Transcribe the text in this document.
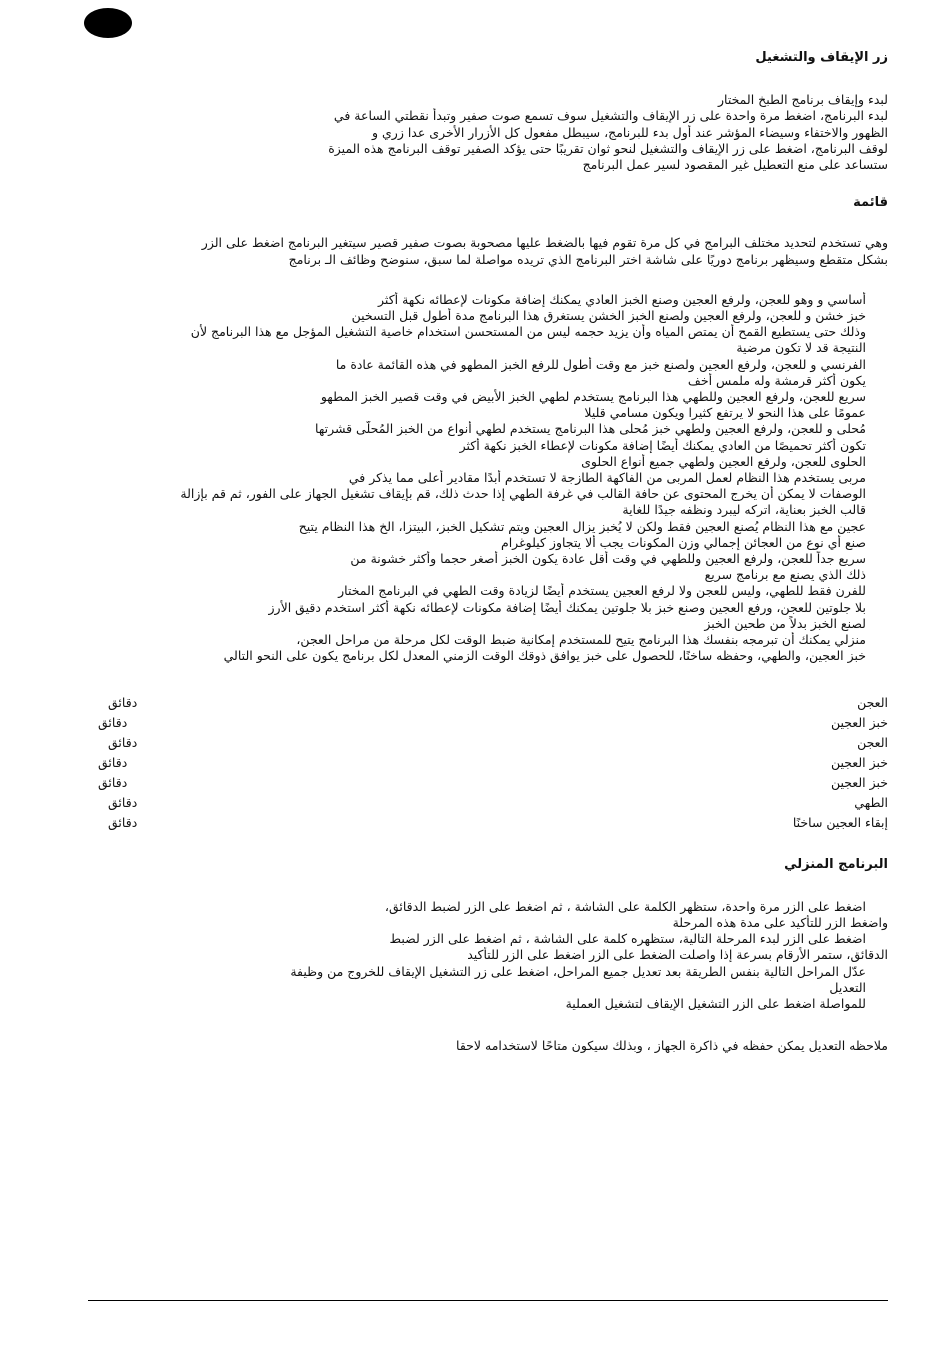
زر الإيقاف والتشغيل
لبدء وإيقاف برنامج الطبخ المختار
لبدء البرنامج، اضغط مرة واحدة على زر الإيقاف والتشغيل سوف تسمع صوت صفير وتبدأ نقطتي الساعة في
الظهور والاختفاء وسيضاء المؤشر عند أول بدء للبرنامج، سيبطل مفعول كل الأزرار الأخرى عدا زري و
لوقف البرنامج، اضغط على زر الإيقاف والتشغيل لنحو ثوان تقريبًا حتى يؤكد الصفير توقف البرنامج هذه الميزة
ستساعد على منع التعطيل غير المقصود لسير عمل البرنامج
قائمة
وهي تستخدم لتحديد مختلف البرامج في كل مرة تقوم فيها بالضغط عليها مصحوبة بصوت صفير قصير سيتغير البرنامج اضغط على الزر
بشكل متقطع وسيظهر برنامج دوريًا على شاشة اختر البرنامج الذي تريده مواصلة لما سبق، سنوضح وظائف الـ برنامج
أساسي و وهو للعجن، ولرفع العجين وصنع الخبز العادي يمكنك إضافة مكونات لإعطائه نكهة أكثر
خبز خشن و للعجن، ولرفع العجين ولصنع الخبز الخشن يستغرق هذا البرنامج مدة أطول قبل التسخين
وذلك حتى يستطيع القمح أن يمتص المياه وأن يزيد حجمه ليس من المستحسن استخدام خاصية التشغيل المؤجل مع هذا البرنامج لأن
النتيجة قد لا تكون مرضية
الفرنسي و للعجن، ولرفع العجين ولصنع خبز مع وقت أطول للرفع الخبز المطهو في هذه القائمة عادة ما
يكون أكثر قرمشة وله ملمس أخف
سريع للعجن، ولرفع العجين وللطهي هذا البرنامج يستخدم لطهي الخبز الأبيض في وقت قصير الخبز المطهو
عمومًا على هذا النحو لا يرتفع كثيرا ويكون مسامي قليلا
مُحلى و للعجن، ولرفع العجين ولطهي خبز مُحلى هذا البرنامج يستخدم لطهي أنواع من الخبز المُحلّى قشرتها
تكون أكثر تحميصًا من العادي يمكنك أيضًا إضافة مكونات لإعطاء الخبز نكهة أكثر
الحلوى للعجن، ولرفع العجين ولطهي جميع أنواع الحلوى
مربى يستخدم هذا النظام لعمل المربى من الفاكهة الطازجة لا تستخدم أبدًا مقادير أعلى مما يذكر في
الوصفات لا يمكن أن يخرج المحتوى عن حافة القالب في غرفة الطهي إذا حدث ذلك، قم بإيقاف تشغيل الجهاز على الفور، ثم قم بإزالة
قالب الخبز بعناية، اتركه ليبرد ونظفه جيدًا للغاية
عجين مع هذا النظام يُصنع العجين فقط ولكن لا يُخبز يزال العجين ويتم تشكيل الخبز، البيتزا، الخ هذا النظام يتيح
صنع أي نوع من العجائن إجمالي وزن المكونات يجب ألا يتجاوز كيلوغرام
سريع جداً للعجن، ولرفع العجين وللطهي في وقت أقل عادة يكون الخبز أصغر حجما وأكثر خشونة من
ذلك الذي يصنع مع برنامج سريع
للفرن فقط للطهي، وليس للعجن ولا لرفع العجين يستخدم أيضًا لزيادة وقت الطهي في البرنامج المختار
بلا جلوتين للعجن، ورفع العجين وصنع خبز بلا جلوتين يمكنك أيضًا إضافة مكونات لإعطائه نكهة أكثر استخدم دقيق الأرز
لصنع الخبز بدلاً من طحين الخبز
منزلي يمكنك أن تبرمجه بنفسك هذا البرنامج يتيح للمستخدم إمكانية ضبط الوقت لكل مرحلة من مراحل العجن،
خبز العجين، والطهي، وحفظه ساخنًا، للحصول على خبز يوافق ذوقك الوقت الزمني المعدل لكل برنامج يكون على النحو التالي
العجن
دقائق
خبز العجين
دقائق
العجن
دقائق
خبز العجين
دقائق
خبز العجين
دقائق
الطهي
دقائق
إبقاء العجين ساخنًا
دقائق
البرنامج المنزلي
اضغط على الزر مرة واحدة، ستظهر الكلمة على الشاشة ، ثم اضغط على الزر لضبط الدقائق،
واضغط الزر للتأكيد على مدة هذه المرحلة
اضغط على الزر لبدء المرحلة التالية، ستظهره كلمة على الشاشة ، ثم اضغط على الزر لضبط
الدقائق، ستمر الأرقام بسرعة إذا واصلت الضغط على الزر اضغط على الزر للتأكيد
عدّل المراحل التالية بنفس الطريقة بعد تعديل جميع المراحل، اضغط على زر التشغيل الإيقاف للخروج من وظيفة
التعديل
للمواصلة اضغط على الزر التشغيل الإيقاف لتشغيل العملية
ملاحظه التعديل يمكن حفظه في ذاكرة الجهاز ، وبذلك سيكون متاحًا لاستخدامه لاحقا
